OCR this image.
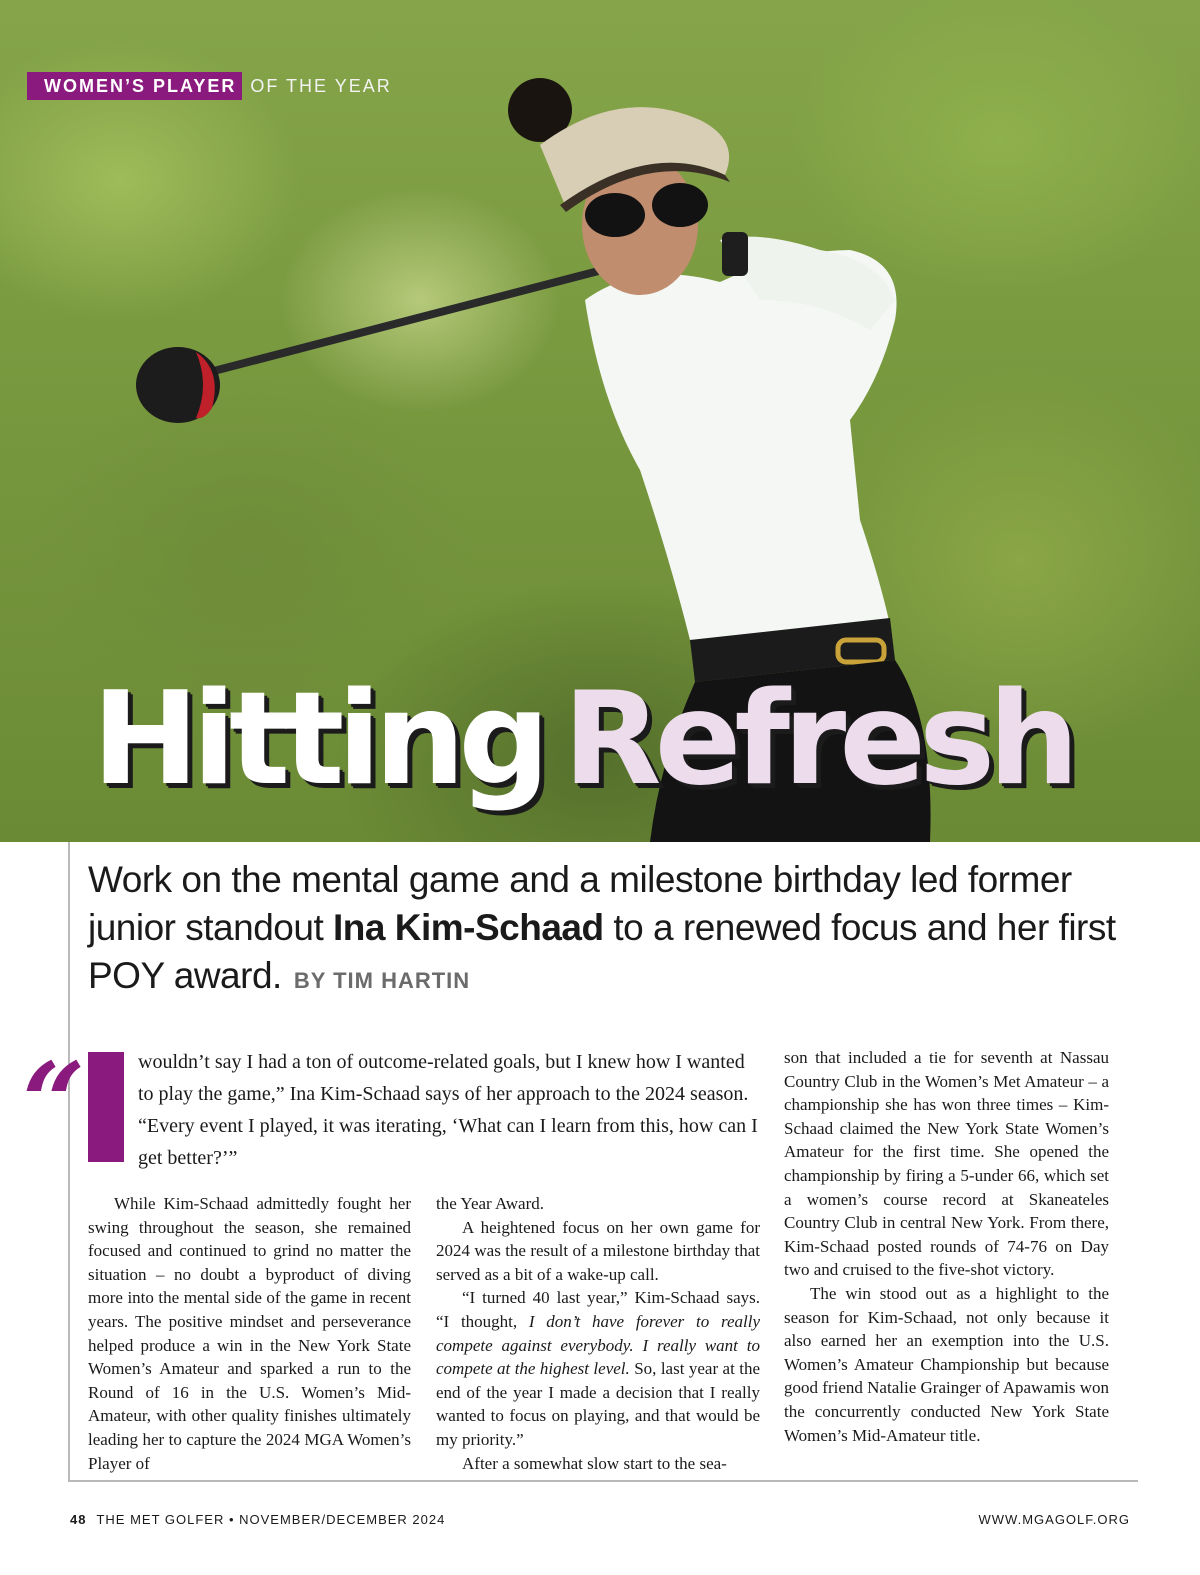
WOMEN’S PLAYER OF THE YEAR
Hitting Refresh

Work on the mental game and a milestone birthday led former junior standout Ina Kim-Schaad to a renewed focus and her first POY award. BY TIM HARTIN

“	wouldn’t say I had a ton of outcome-related goals, but I knew how I wanted to play the game,” Ina Kim-Schaad says of her approach to the 2024 season. “Every event I played, it was iterating, ‘What can I learn from this, how can I get better?’”

While Kim-Schaad admittedly fought her swing throughout the season, she remained focused and continued to grind no matter the situation – no doubt a byproduct of diving more into the mental side of the game in recent years. The positive mindset and perseverance helped produce a win in the New York State Women’s Amateur and sparked a run to the Round of 16 in the U.S. Women’s Mid-Amateur, with other quality finishes ultimately leading her to capture the 2024 MGA Women’s Player of

the Year Award.

A heightened focus on her own game for 2024 was the result of a milestone birthday that served as a bit of a wake-up call.

“I turned 40 last year,” Kim-Schaad says. “I thought, I don’t have forever to really compete against everybody. I really want to compete at the highest level. So, last year at the end of the year I made a decision that I really wanted to focus on playing, and that would be my priority.”

After a somewhat slow start to the sea-

son that included a tie for seventh at Nassau Country Club in the Women’s Met Amateur – a championship she has won three times – Kim-Schaad claimed the New York State Women’s Amateur for the first time. She opened the championship by firing a 5-under 66, which set a women’s course record at Skaneateles Country Club in central New York. From there, Kim-Schaad posted rounds of 74-76 on Day two and cruised to the five-shot victory.

The win stood out as a highlight to the season for Kim-Schaad, not only because it also earned her an exemption into the U.S. Women’s Amateur Championship but because good friend Natalie Grainger of Apawamis won the concurrently conducted New York State Women’s Mid-Amateur title.

48 THE MET GOLFER • NOVEMBER/DECEMBER 2024	WWW.MGAGOLF.ORG
